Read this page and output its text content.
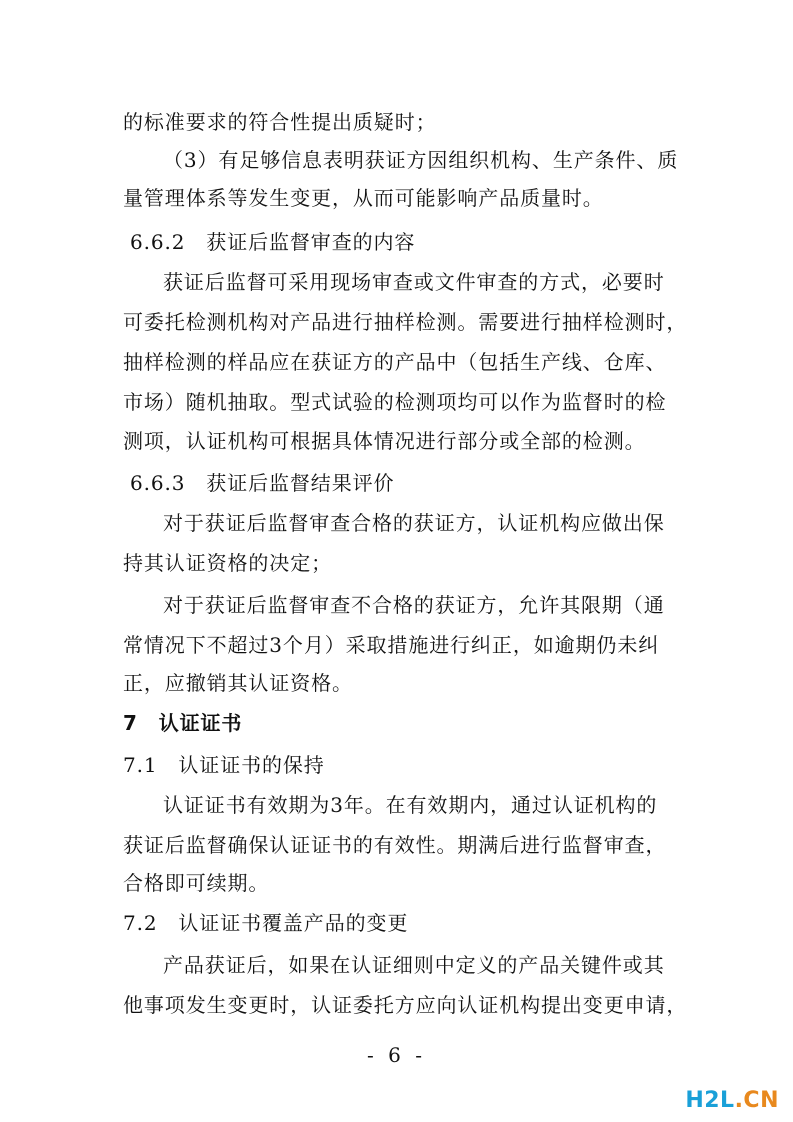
的标准要求的符合性提出质疑时；
（3）有足够信息表明获证方因组织机构、生产条件、质
量管理体系等发生变更，从而可能影响产品质量时。
6.6.2　获证后监督审查的内容
获证后监督可采用现场审查或文件审查的方式，必要时
可委托检测机构对产品进行抽样检测。需要进行抽样检测时，
抽样检测的样品应在获证方的产品中（包括生产线、仓库、
市场）随机抽取。型式试验的检测项均可以作为监督时的检
测项，认证机构可根据具体情况进行部分或全部的检测。
6.6.3　获证后监督结果评价
对于获证后监督审查合格的获证方，认证机构应做出保
持其认证资格的决定；
对于获证后监督审查不合格的获证方，允许其限期（通
常情况下不超过3个月）采取措施进行纠正，如逾期仍未纠
正，应撤销其认证资格。
7　认证证书
7.1　认证证书的保持
认证证书有效期为3年。在有效期内，通过认证机构的
获证后监督确保认证证书的有效性。期满后进行监督审查，
合格即可续期。
7.2　认证证书覆盖产品的变更
产品获证后，如果在认证细则中定义的产品关键件或其
他事项发生变更时，认证委托方应向认证机构提出变更申请，
- 6 -
H2L.CN
